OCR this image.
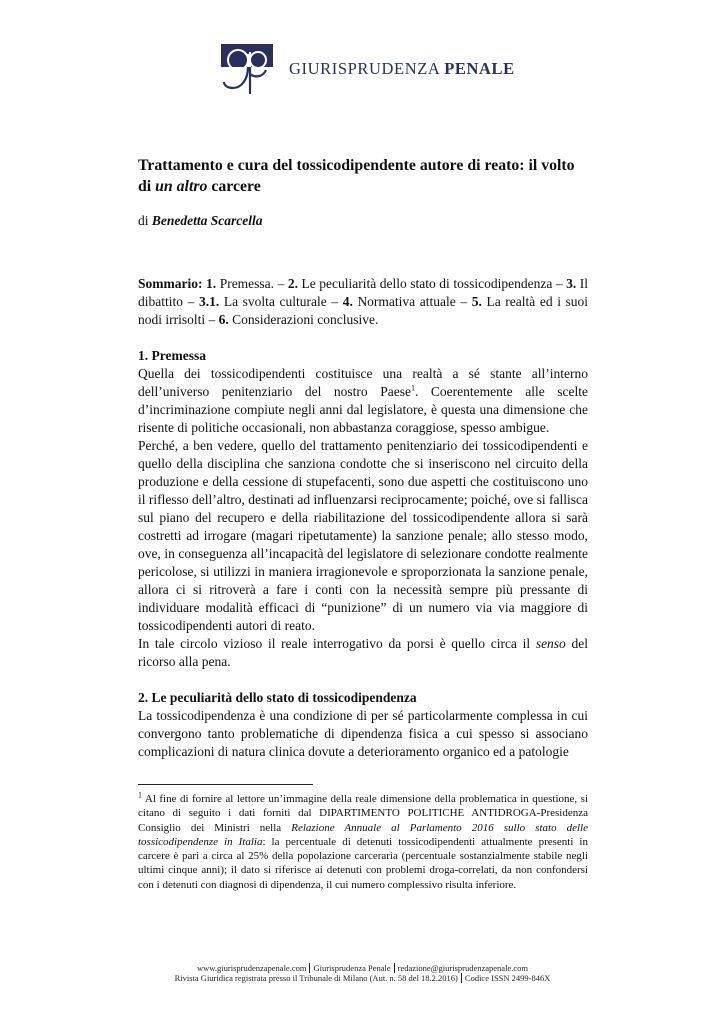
GIURISPRUDENZA PENALE
Trattamento e cura del tossicodipendente autore di reato: il volto di un altro carcere
di Benedetta Scarcella
Sommario: 1. Premessa. – 2. Le peculiarità dello stato di tossicodipendenza – 3. Il dibattito – 3.1. La svolta culturale – 4. Normativa attuale – 5. La realtà ed i suoi nodi irrisolti – 6. Considerazioni conclusive.
1. Premessa

Quella dei tossicodipendenti costituisce una realtà a sé stante all’interno dell’universo penitenziario del nostro Paese$^1$. Coerentemente alle scelte d’incriminazione compiute negli anni dal legislatore, è questa una dimensione che risente di politiche occasionali, non abbastanza coraggiose, spesso ambigue.

Perché, a ben vedere, quello del trattamento penitenziario dei tossicodipendenti e quello della disciplina che sanziona condotte che si inseriscono nel circuito della produzione e della cessione di stupefacenti, sono due aspetti che costituiscono uno il riflesso dell’altro, destinati ad influenzarsi reciprocamente; poiché, ove si fallisca sul piano del recupero e della riabilitazione del tossicodipendente allora si sarà costretti ad irrogare (magari ripetutamente) la sanzione penale; allo stesso modo, ove, in conseguenza all’incapacità del legislatore di selezionare condotte realmente pericolose, si utilizzi in maniera irragionevole e sproporzionata la sanzione penale, allora ci si ritroverà a fare i conti con la necessità sempre più pressante di individuare modalità efficaci di “punizione” di un numero via via maggiore di tossicodipendenti autori di reato.

In tale circolo vizioso il reale interrogativo da porsi è quello circa il senso del ricorso alla pena.

2. Le peculiarità dello stato di tossicodipendenza

La tossicodipendenza è una condizione di per sé particolarmente complessa in cui convergono tanto problematiche di dipendenza fisica a cui spesso si associano complicazioni di natura clinica dovute a deterioramento organico ed a patologie

$^1$ Al fine di fornire al lettore un’immagine della reale dimensione della problematica in questione, si citano di seguito i dati forniti dal DIPARTIMENTO POLITICHE ANTIDROGA-Presidenza Consiglio dei Ministri nella Relazione Annuale al Parlamento 2016 sullo stato delle tossicodipendenze in Italia: la percentuale di detenuti tossicodipendenti attualmente presenti in carcere è pari a circa al 25% della popolazione carceraria (percentuale sostanzialmente stabile negli ultimi cinque anni); il dato si riferisce ai detenuti con problemi droga-correlati, da non confondersi con i detenuti con diagnosi di dipendenza, il cui numero complessivo risulta inferiore.
www.giurisprudenzapenale.com Giurisprudenza Penale redazione@giurisprudenzapenale.com
Rivista Giuridica registrata presso il Tribunale di Milano (Aut. n. 58 del 18.2.2016) Codice ISSN 2499-846X
